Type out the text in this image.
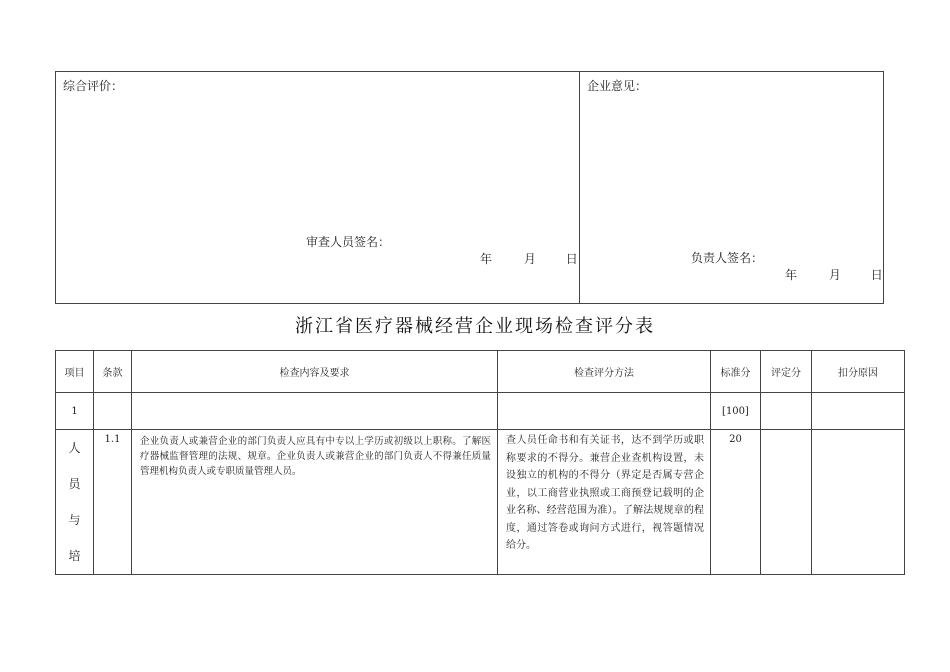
综合评价：
审查人员签名：
年	月 日
企业意见：
负责人签名：
年	月 日
浙江省医疗器械经营企业现场检查评分表
项目	条款	检查内容及要求	检查评分方法	标准分	评定分	扣分原因
1				[100]		

人
员
与
培	1.1	企业负责人或兼营企业的部门负责人应具有中专以上学历或初级以上职称。了解医疗器械监督管理的法规、规章。企业负责人或兼营企业的部门负责人不得兼任质量管理机构负责人或专职质量管理人员。	查人员任命书和有关证书，达不到学历或职称要求的不得分。兼营企业查机构设置，未设独立的机构的不得分（界定是否属专营企业，以工商营业执照或工商预登记载明的企业名称、经营范围为准）。了解法规规章的程度，通过答卷或询问方式进行，视答题情况给分。	20		
